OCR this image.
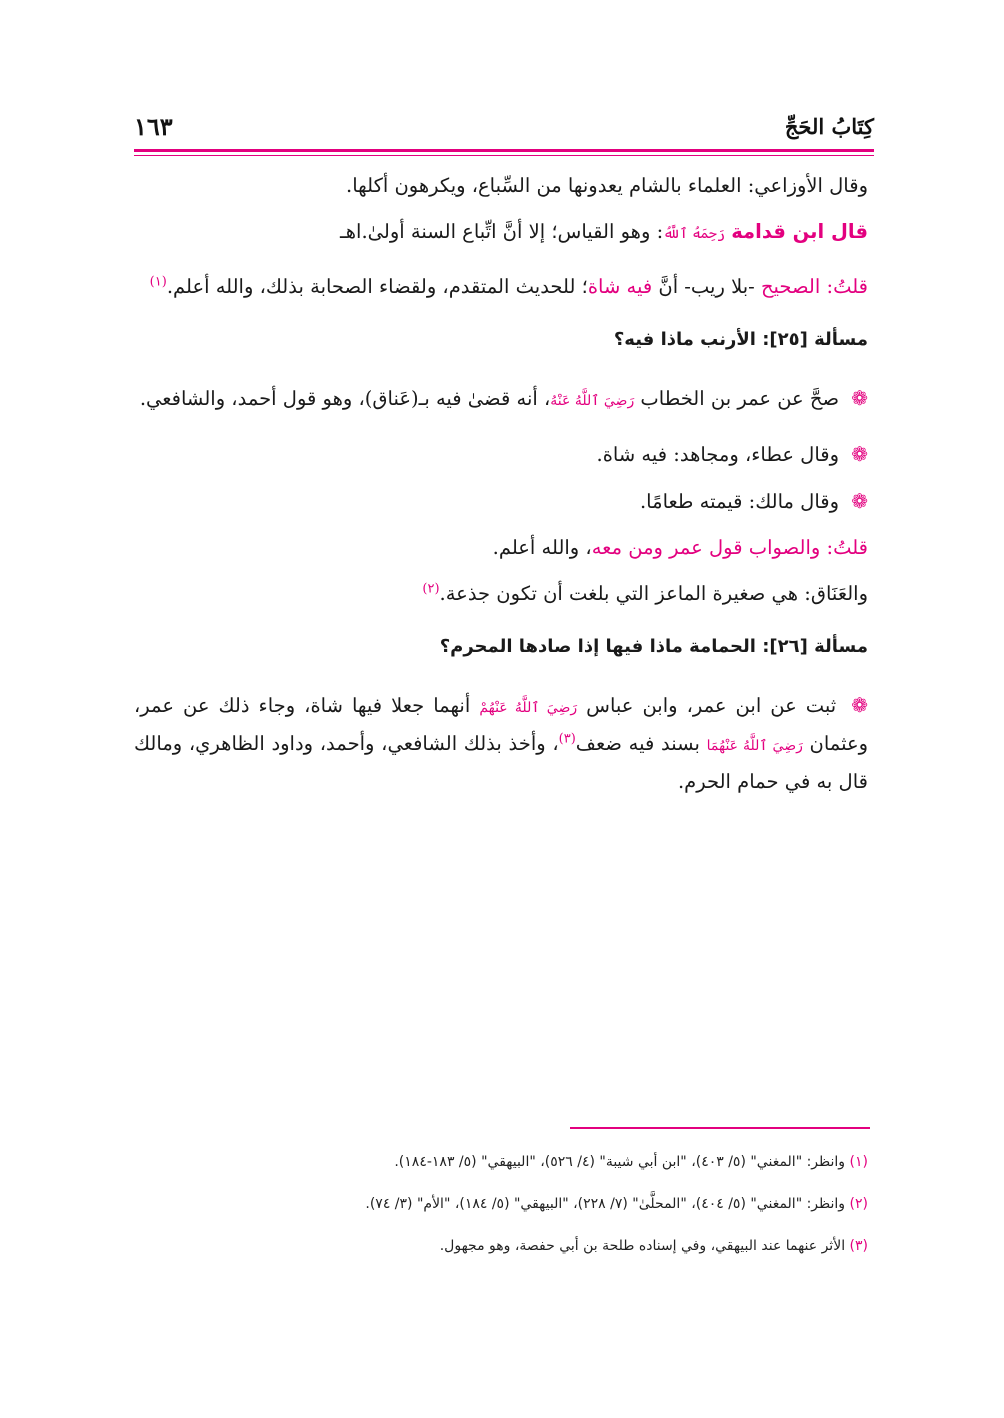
كِتَابُ الحَجِّ
١٦٣

وقال الأوزاعي: العلماء بالشام يعدونها من السِّباع، ويكرهون أكلها.

قال ابن قدامة رَحِمَهُ ٱللَّهُ: وهو القياس؛ إلا أنَّ اتِّباع السنة أولىٰ.اهـ

قلتُ: الصحيح -بلا ريب- أنَّ فيه شاة؛ للحديث المتقدم، ولقضاء الصحابة بذلك، والله أعلم.$^{(١)}$

مسألة [٢٥]: الأرنب ماذا فيه؟

❁ صحَّ عن عمر بن الخطاب رَضِيَ ٱللَّهُ عَنْهُ، أنه قضىٰ فيه بـ(عَناق)، وهو قول أحمد، والشافعي.

❁ وقال عطاء، ومجاهد: فيه شاة.

❁ وقال مالك: قيمته طعامًا.

قلتُ: والصواب قول عمر ومن معه، والله أعلم.

والعَنَاق: هي صغيرة الماعز التي بلغت أن تكون جذعة.$^{(٢)}$

مسألة [٢٦]: الحمامة ماذا فيها إذا صادها المحرم؟

❁ ثبت عن ابن عمر، وابن عباس رَضِيَ ٱللَّهُ عَنْهُمْ أنهما جعلا فيها شاة، وجاء ذلك عن عمر، وعثمان رَضِيَ ٱللَّهُ عَنْهُمَا بسند فيه ضعف$^{(٣)}$، وأخذ بذلك الشافعي، وأحمد، وداود الظاهري، ومالك قال به في حمام الحرم.

(١) وانظر: "المغني" (٥/ ٤٠٣)، "ابن أبي شيبة" (٤/ ٥٢٦)، "البيهقي" (٥/ ١٨٣-١٨٤).
(٢) وانظر: "المغني" (٥/ ٤٠٤)، "المحلَّىٰ" (٧/ ٢٢٨)، "البيهقي" (٥/ ١٨٤)، "الأم" (٣/ ٧٤).
(٣) الأثر عنهما عند البيهقي، وفي إسناده طلحة بن أبي حفصة، وهو مجهول.
